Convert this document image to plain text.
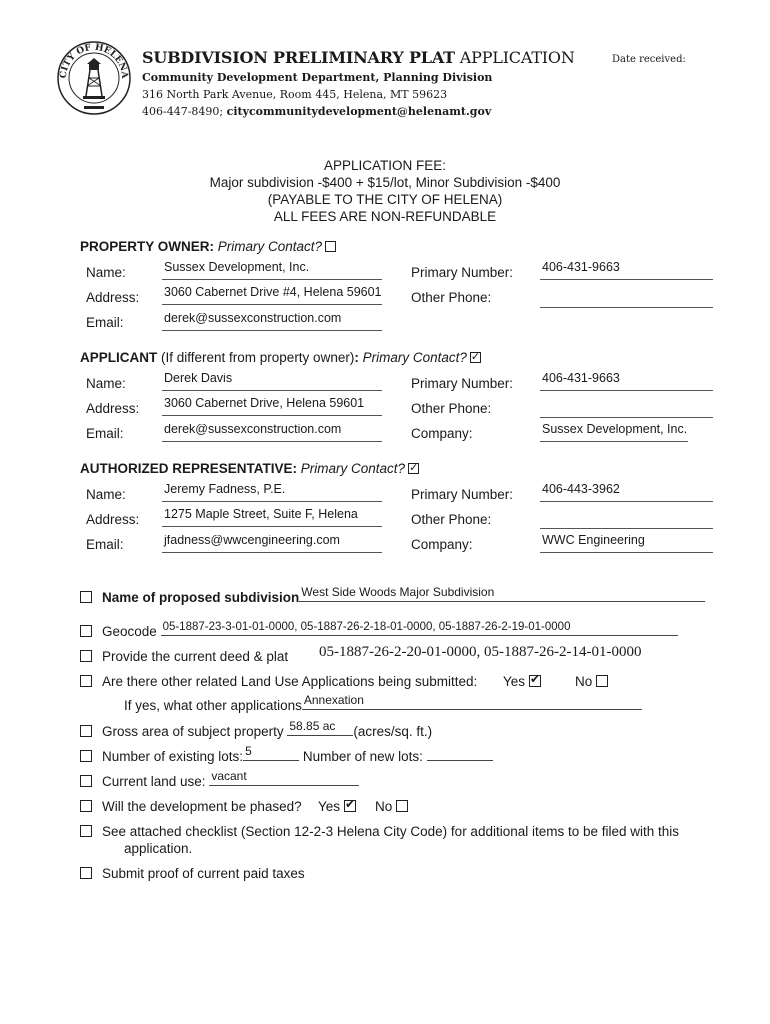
CITY OF HELENA
SUBDIVISION PRELIMINARY PLAT APPLICATION	Date received:
Community Development Department, Planning Division
316 North Park Avenue, Room 445, Helena, MT 59623
406-447-8490; citycommunitydevelopment@helenamt.gov
APPLICATION FEE:
Major subdivision -$400 + $15/lot, Minor Subdivision -$400
(PAYABLE TO THE CITY OF HELENA)
ALL FEES ARE NON-REFUNDABLE
PROPERTY OWNER: Primary Contact?
Name:	Sussex Development, Inc.	Primary Number: 406-431-9663
Address: 3060 Cabernet Drive #4, Helena 59601 Other Phone:
Email:	derek@sussexconstruction.com
APPLICANT (If different from property owner): Primary Contact?✓
Name:	Derek Davis	Primary Number: 406-431-9663
Address: 3060 Cabernet Drive, Helena 59601	Other Phone:
Email:	derek@sussexconstruction.com	Company:	Sussex Development, Inc.
AUTHORIZED REPRESENTATIVE: Primary Contact?✓
Name:	Jeremy Fadness, P.E.	Primary Number: 406-443-3962
Address: 1275 Maple Street, Suite F, Helena	Other Phone:
Email:	jfadness@wwcengineering.com	Company:	WWC Engineering
Name of proposed subdivision West Side Woods Major Subdivision
Geocode 05-1887-23-3-01-01-0000, 05-1887-26-2-18-01-0000, 05-1887-26-2-19-01-0000
Provide the current deed & plat 05-1887-26-2-20-01-0000, 05-1887-26-2-14-01-0000
Are there other related Land Use Applications being submitted: Yes ✔	No
If yes, what other applications Annexation
Gross area of subject property 58.85 ac (acres/sq. ft.)
Number of existing lots: 5	Number of new lots:
Current land use: vacant
Will the development be phased? Yes ✔	No
See attached checklist (Section 12-2-3 Helena City Code) for additional items to be filed with this
application.
Submit proof of current paid taxes
